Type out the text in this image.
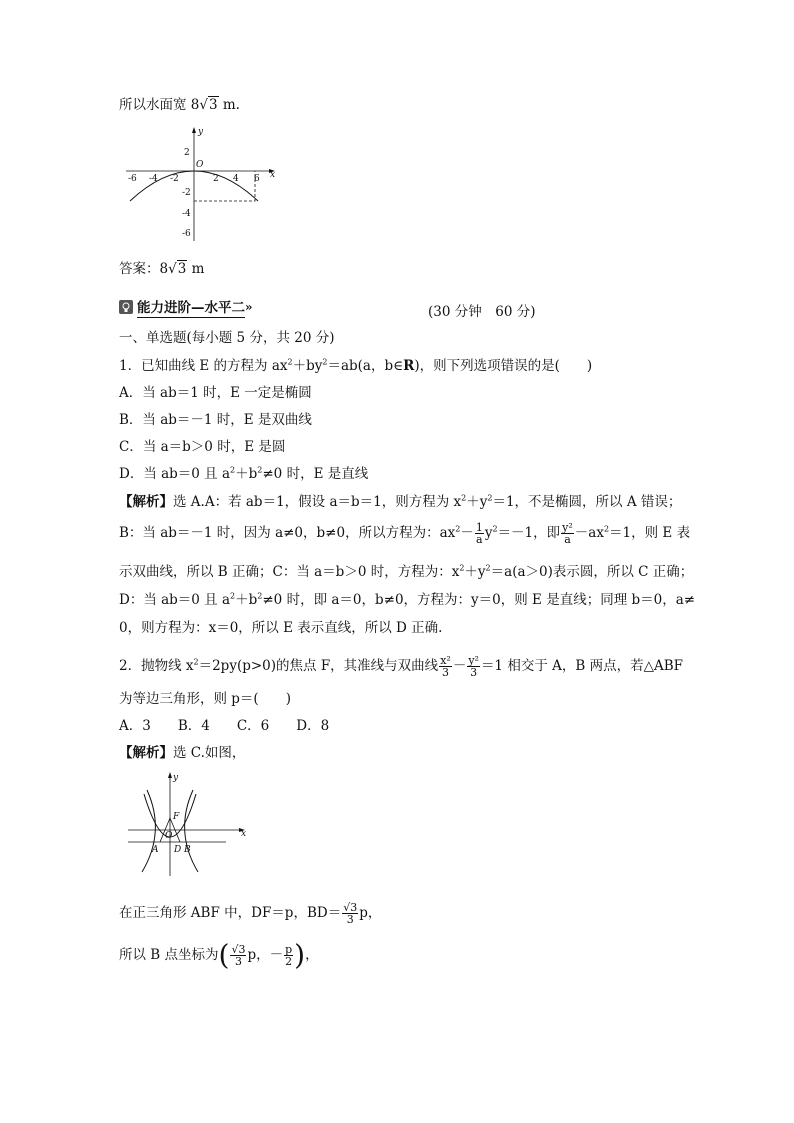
所以水面宽 8√3 m.
y
x
O
-6 -4 -2	2 4 6
2
-2
-4
-6
答案：8√3 m
能力进阶—水平二 »	(30 分钟　60 分)
一、单选题(每小题 5 分，共 20 分)
1．已知曲线 E 的方程为 $ax^2+by^2=ab(a$，b∈R)，则下列选项错误的是(　　)
A．当 ab＝1 时，E 一定是椭圆
B．当 ab＝－1 时，E 是双曲线
C．当 a＝b＞0 时，E 是圆
D．当 ab＝0 且 $a^2+b^2\ne 0$ 时，E 是直线
【解析】选 A.A：若 ab＝1，假设 a＝b＝1，则方程为 $x^2+y^2=1$，不是椭圆，所以 A 错误；
B：当 ab＝－1 时，因为 a≠0，b≠0，所以方程为：$ax^2- \frac{1}{a} y^2=-1$，即 $\frac{\text{y²}}{a} -ax^2=1$，则 E 表
示双曲线，所以 B 正确；C：当 a＝b＞0 时，方程为：$x^2+y^2=a(a>0)$表示圆，所以 C 正确；
D：当 ab＝0 且 $a^2+b^2\ne 0$ 时，即 a＝0，b≠0，方程为：y＝0，则 E 是直线；同理 b＝0，a≠
0，则方程为：x＝0，所以 E 表示直线，所以 D 正确.
2．抛物线 $x^2=2py(p>0)$的焦点 F，其准线与双曲线 $\frac{\text{x²}}{3} - \frac{\text{y²}}{3} =1$ 相交于 A，B 两点，若△ABF
为等边三角形，则 p＝(　　)
A．3　　B．4　　C．6　　D．8
【解析】选 C.如图，
y
x
F
O
A D B
在正三角形 ABF 中，DF＝p，$BD= \frac{√3}{3}$ p，
所以 B 点坐标为( $\frac{√3}{3}$ p，－ $\frac{p}{2}$ )，
